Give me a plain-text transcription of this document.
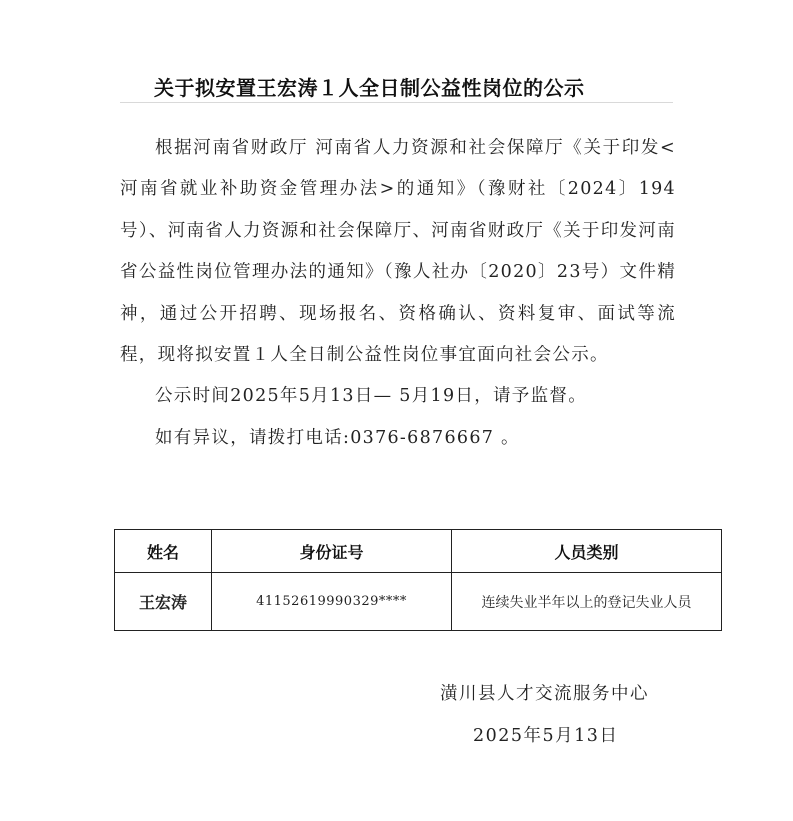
关于拟安置王宏涛１人全日制公益性岗位的公示

根据河南省财政厅 河南省人力资源和社会保障厅《关于印发<河南省就业补助资金管理办法>的通知》（豫财社〔2024〕194号）、河南省人力资源和社会保障厅、河南省财政厅《关于印发河南省公益性岗位管理办法的通知》（豫人社办〔2020〕23号）文件精神，通过公开招聘、现场报名、资格确认、资料复审、面试等流程，现将拟安置１人全日制公益性岗位事宜面向社会公示。

公示时间2025年5月13日— 5月19日，请予监督。

如有异议，请拨打电话:0376-6876667 。

姓名	身份证号	人员类别
王宏涛	41152619990329****	连续失业半年以上的登记失业人员
潢川县人才交流服务中心
2025年5月13日
